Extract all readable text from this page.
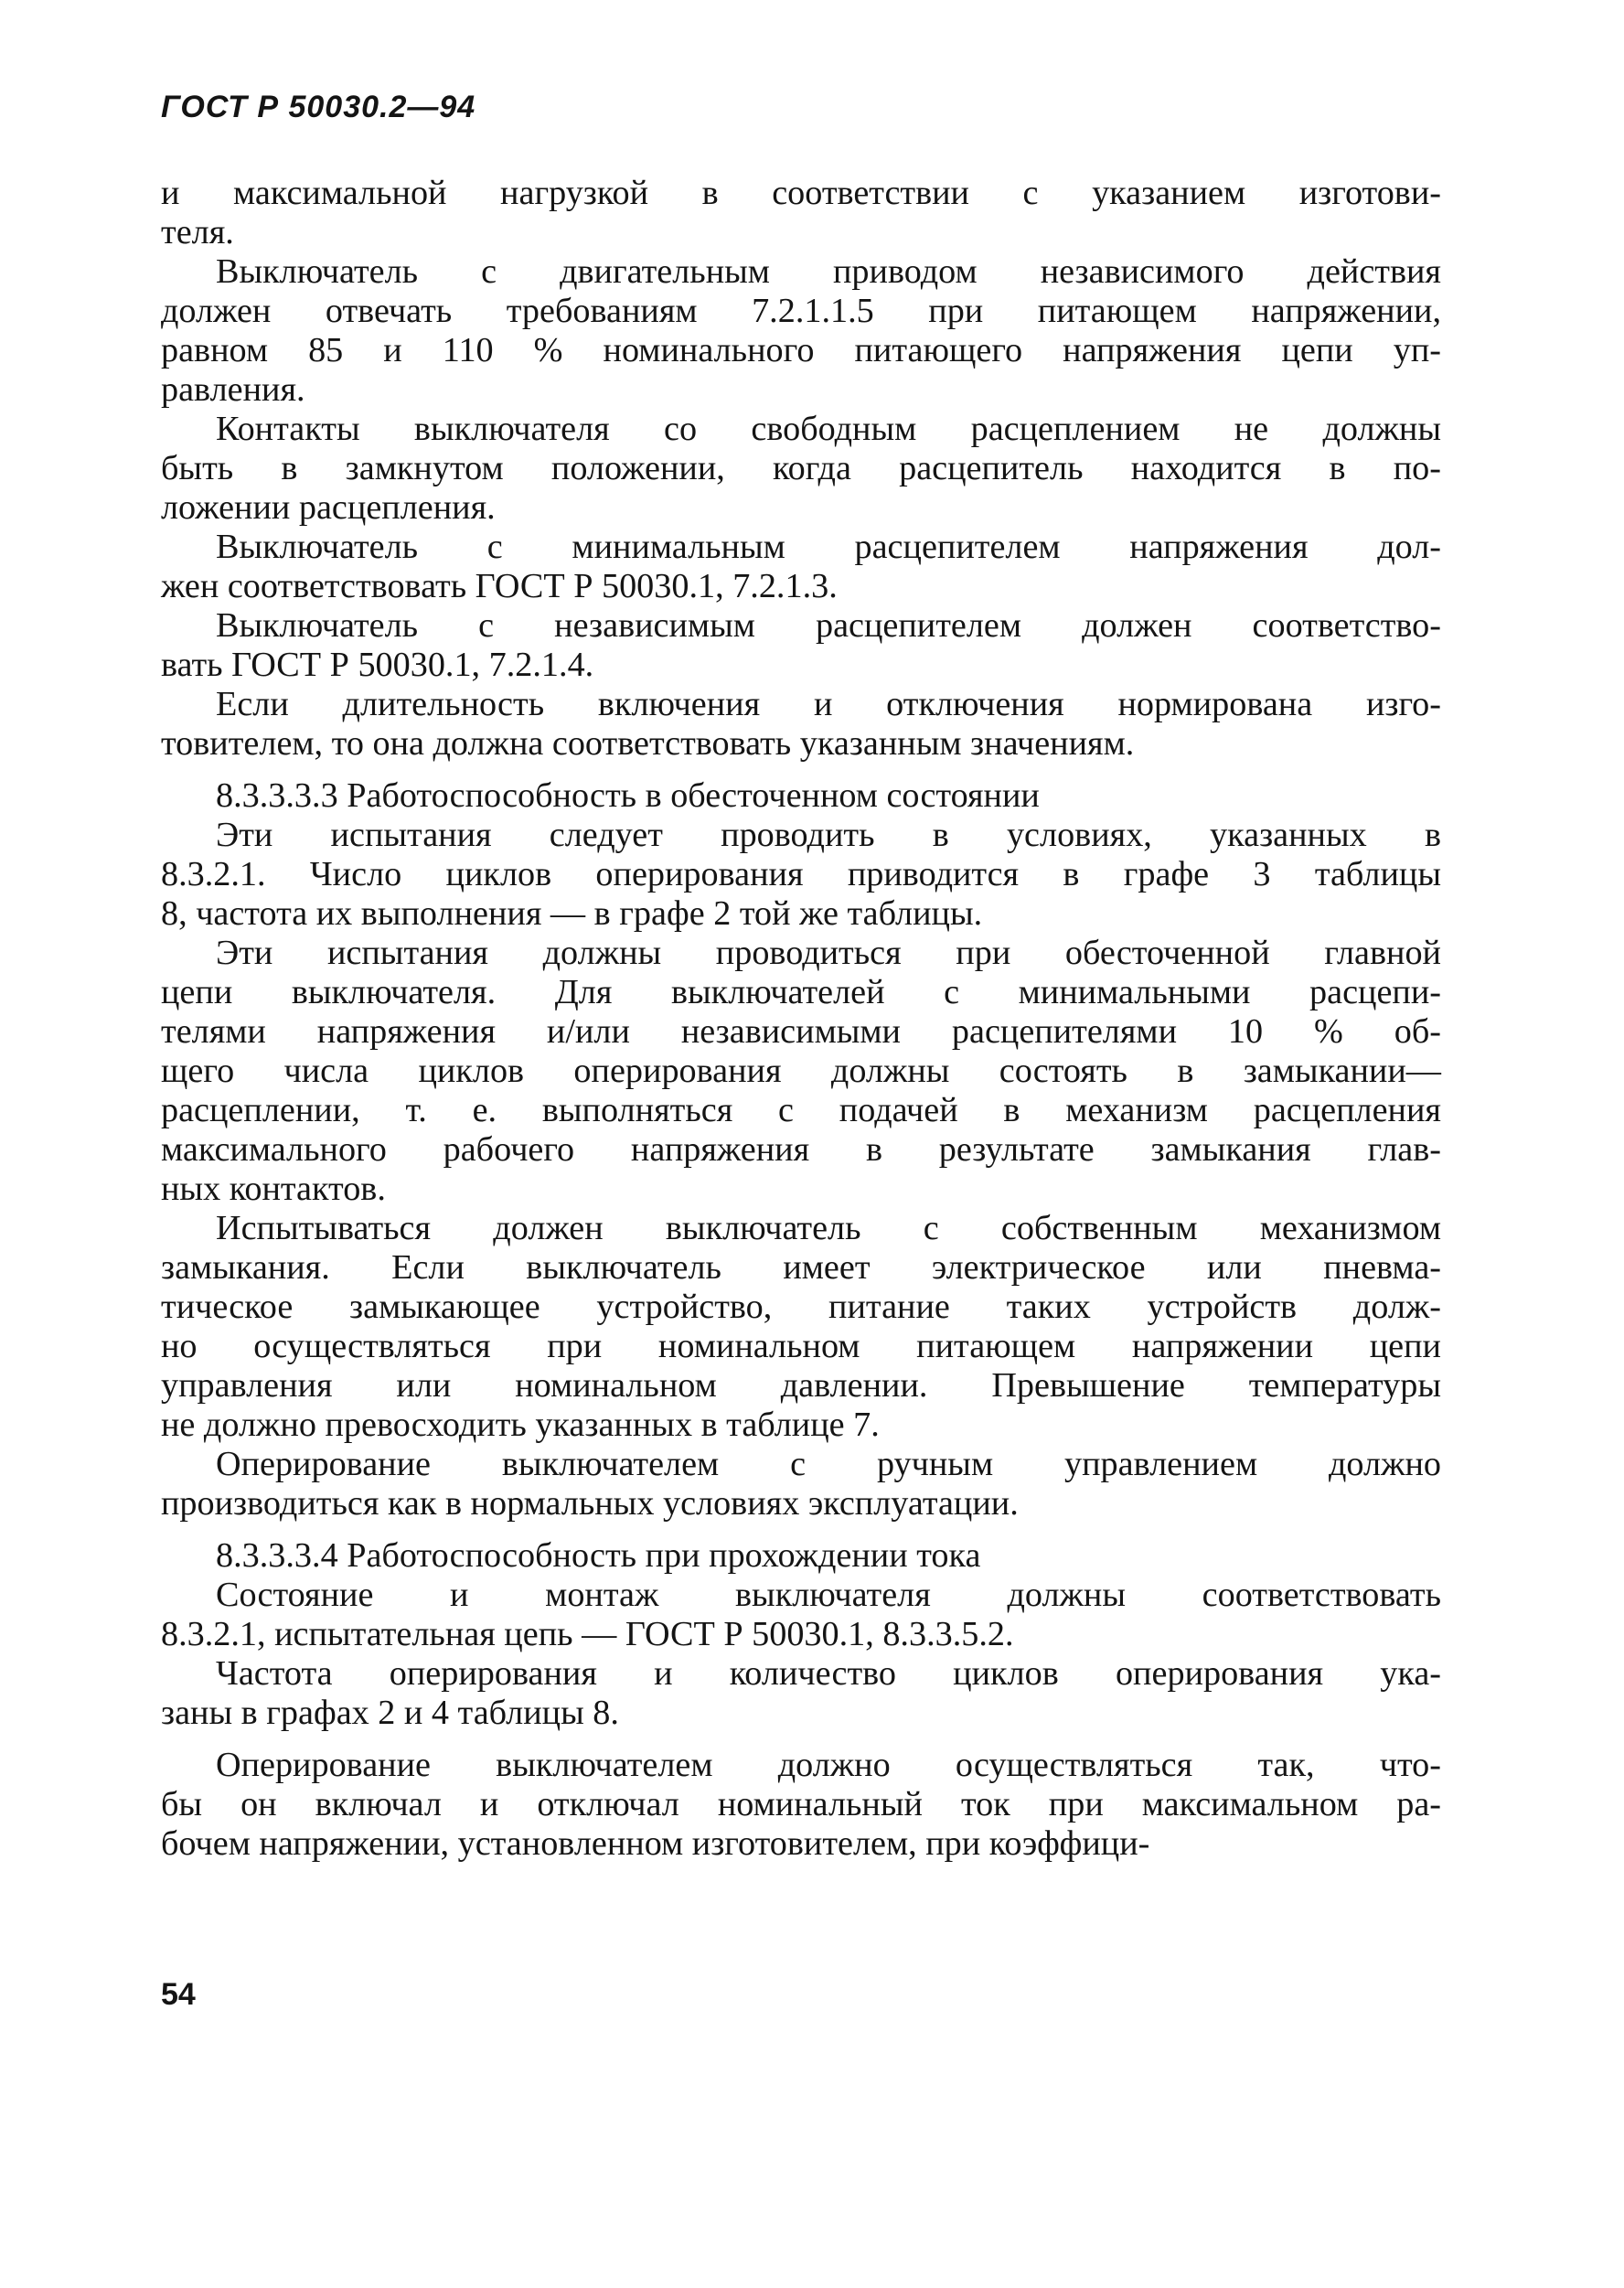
ГОСТ Р 50030.2—94
и максимальной нагрузкой в соответствии с указанием изготови-
теля.
Выключатель с двигательным приводом независимого действия
должен отвечать требованиям 7.2.1.1.5 при питающем напряжении,
равном 85 и 110 % номинального питающего напряжения цепи уп-
равления.
Контакты выключателя со свободным расцеплением не должны
быть в замкнутом положении, когда расцепитель находится в по-
ложении расцепления.
Выключатель с минимальным расцепителем напряжения дол-
жен соответствовать ГОСТ Р 50030.1, 7.2.1.3.
Выключатель с независимым расцепителем должен соответство-
вать ГОСТ Р 50030.1, 7.2.1.4.
Если длительность включения и отключения нормирована изго-
товителем, то она должна соответствовать указанным значениям.
8.3.3.3.3 Работоспособность в обесточенном состоянии
Эти испытания следует проводить в условиях, указанных в
8.3.2.1. Число циклов оперирования приводится в графе 3 таблицы
8, частота их выполнения — в графе 2 той же таблицы.
Эти испытания должны проводиться при обесточенной главной
цепи выключателя. Для выключателей с минимальными расцепи-
телями напряжения и/или независимыми расцепителями 10 % об-
щего числа циклов оперирования должны состоять в замыкании—
расцеплении, т. е. выполняться с подачей в механизм расцепления
максимального рабочего напряжения в результате замыкания глав-
ных контактов.
Испытываться должен выключатель с собственным механизмом
замыкания. Если выключатель имеет электрическое или пневма-
тическое замыкающее устройство, питание таких устройств долж-
но осуществляться при номинальном питающем напряжении цепи
управления или номинальном давлении. Превышение температуры
не должно превосходить указанных в таблице 7.
Оперирование выключателем с ручным управлением должно
производиться как в нормальных условиях эксплуатации.
8.3.3.3.4 Работоспособность при прохождении тока
Состояние и монтаж выключателя должны соответствовать
8.3.2.1, испытательная цепь — ГОСТ Р 50030.1, 8.3.3.5.2.
Частота оперирования и количество циклов оперирования ука-
заны в графах 2 и 4 таблицы 8.
Оперирование выключателем должно осуществляться так, что-
бы он включал и отключал номинальный ток при максимальном ра-
бочем напряжении, установленном изготовителем, при коэффици-
54
